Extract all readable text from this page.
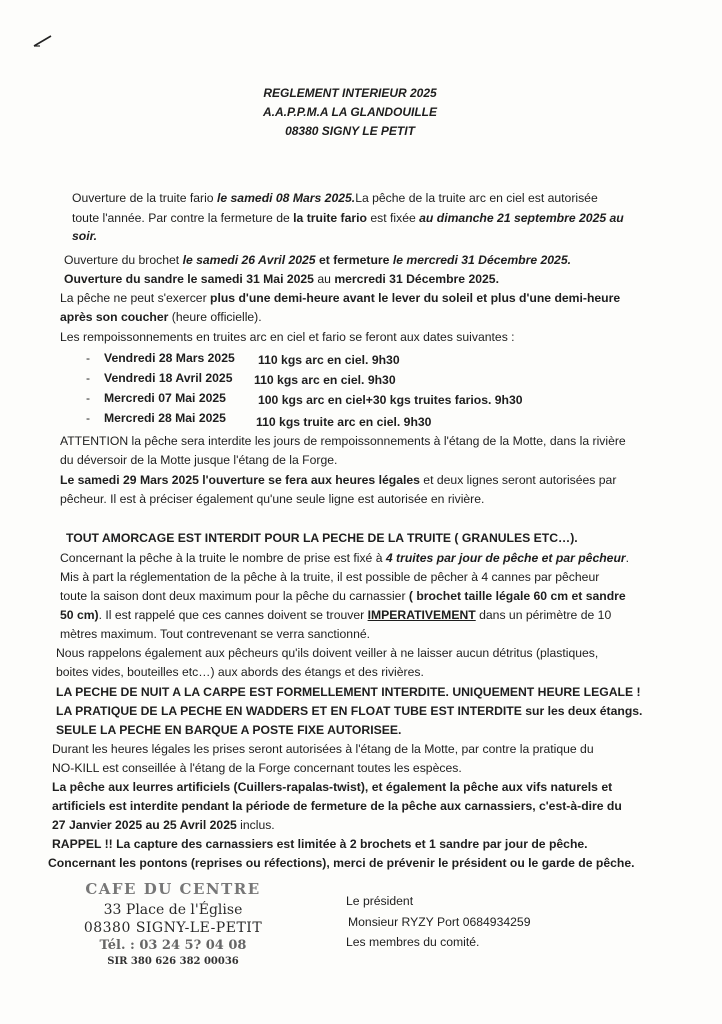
REGLEMENT INTERIEUR 2025
A.A.P.P.M.A LA GLANDOUILLE
08380 SIGNY LE PETIT
Ouverture de la truite fario le samedi 08 Mars 2025.La pêche de la truite arc en ciel est autorisée
toute l'année. Par contre la fermeture de la truite fario est fixée au dimanche 21 septembre 2025 au
soir.
Ouverture du brochet le samedi 26 Avril 2025 et fermeture le mercredi 31 Décembre 2025.
Ouverture du sandre le samedi 31 Mai 2025 au mercredi 31 Décembre 2025.
La pêche ne peut s'exercer plus d'une demi-heure avant le lever du soleil et plus d'une demi-heure
après son coucher (heure officielle).
Les rempoissonnements en truites arc en ciel et fario se feront aux dates suivantes :
- Vendredi 28 Mars 2025 110 kgs arc en ciel. 9h30
- Vendredi 18 Avril 2025 110 kgs arc en ciel. 9h30
- Mercredi 07 Mai 2025	100 kgs arc en ciel+30 kgs truites farios. 9h30
- Mercredi 28 Mai 2025 110 kgs truite arc en ciel. 9h30
ATTENTION la pêche sera interdite les jours de rempoissonnements à l'étang de la Motte, dans la rivière
du déversoir de la Motte jusque l'étang de la Forge.
Le samedi 29 Mars 2025 l'ouverture se fera aux heures légales et deux lignes seront autorisées par
pêcheur. Il est à préciser également qu'une seule ligne est autorisée en rivière.
TOUT AMORCAGE EST INTERDIT POUR LA PECHE DE LA TRUITE ( GRANULES ETC…).
Concernant la pêche à la truite le nombre de prise est fixé à 4 truites par jour de pêche et par pêcheur.
Mis à part la réglementation de la pêche à la truite, il est possible de pêcher à 4 cannes par pêcheur
toute la saison dont deux maximum pour la pêche du carnassier ( brochet taille légale 60 cm et sandre
50 cm). Il est rappelé que ces cannes doivent se trouver IMPERATIVEMENT dans un périmètre de 10
mètres maximum. Tout contrevenant se verra sanctionné.
Nous rappelons également aux pêcheurs qu'ils doivent veiller à ne laisser aucun détritus (plastiques,
boites vides, bouteilles etc…) aux abords des étangs et des rivières.
LA PECHE DE NUIT A LA CARPE EST FORMELLEMENT INTERDITE. UNIQUEMENT HEURE LEGALE !
LA PRATIQUE DE LA PECHE EN WADDERS ET EN FLOAT TUBE EST INTERDITE sur les deux étangs.
SEULE LA PECHE EN BARQUE A POSTE FIXE AUTORISEE.
Durant les heures légales les prises seront autorisées à l'étang de la Motte, par contre la pratique du
NO-KILL est conseillée à l'étang de la Forge concernant toutes les espèces.
La pêche aux leurres artificiels (Cuillers-rapalas-twist), et également la pêche aux vifs naturels et
artificiels est interdite pendant la période de fermeture de la pêche aux carnassiers, c'est-à-dire du
27 Janvier 2025 au 25 Avril 2025 inclus.
RAPPEL !! La capture des carnassiers est limitée à 2 brochets et 1 sandre par jour de pêche.
Concernant les pontons (reprises ou réfections), merci de prévenir le président ou le garde de pêche.
CAFE DU CENTRE
33 Place de l'Église
08380 SIGNY-LE-PETIT
Tél. : 03 24 5? 04 08
SIR 380 626 382 00036
Le président
Monsieur RYZY Port 0684934259
Les membres du comité.
